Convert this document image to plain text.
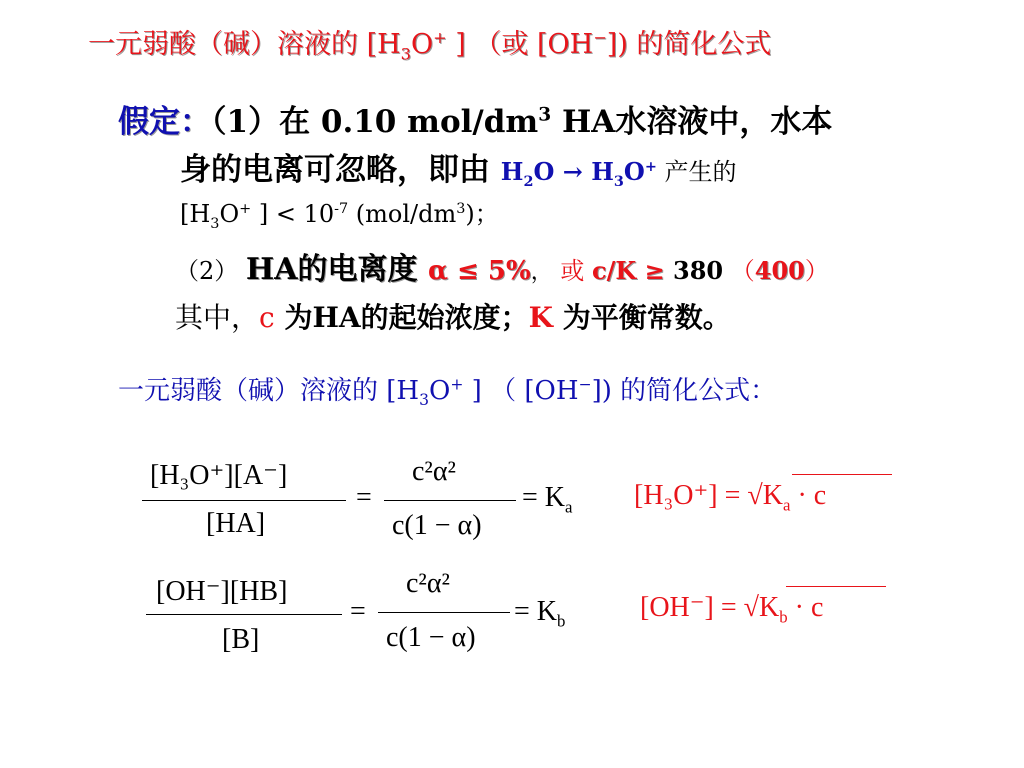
一元弱酸（碱）溶液的 [$H_3O^+$ ] （或 [OH−]) 的简化公式
假定：（1）在 0.10 mol/$dm^3$ HA水溶液中，水本
身的电离可忽略，即由 $H_2O \to H_3O^+$ 产生的
[$H_3O^+$ ] < $10^{-7}$ $(mol/dm^3)$；
（2） HA的电离度 α ≤ 5%， 或 c/K ≥ 380 （400）
其中，c 为HA的起始浓度；K 为平衡常数。
一元弱酸（碱）溶液的 [$H_3O^+$ ] （ [OH−]) 的简化公式：
[H₃O⁺][A⁻]
[HA]
=
c²α²
c(1 − α)
= $K_a$ $[H_3O^+] = √K_a \cdot c$
[OH⁻][HB]
[B]
=
c²α²
c(1 − α)
= $K_b$	$[OH^-] = √K_b \cdot c$
